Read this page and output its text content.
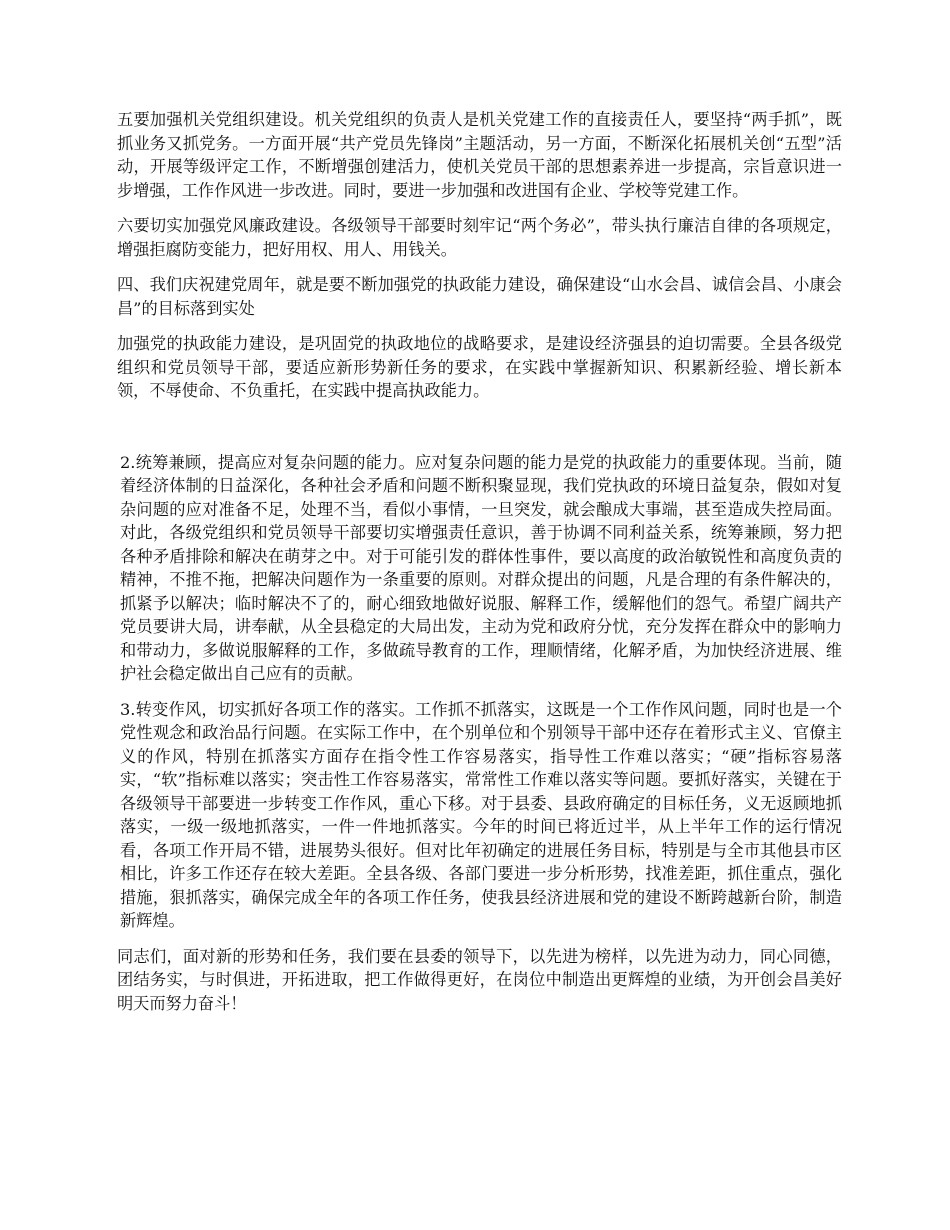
五要加强机关党组织建设。机关党组织的负责人是机关党建工作的直接责任人，要坚持“两手抓”，既抓业务又抓党务。一方面开展“共产党员先锋岗”主题活动，另一方面，不断深化拓展机关创“五型”活动，开展等级评定工作，不断增强创建活力，使机关党员干部的思想素养进一步提高，宗旨意识进一步增强，工作作风进一步改进。同时，要进一步加强和改进国有企业、学校等党建工作。

六要切实加强党风廉政建设。各级领导干部要时刻牢记“两个务必”，带头执行廉洁自律的各项规定，增强拒腐防变能力，把好用权、用人、用钱关。

四、我们庆祝建党周年，就是要不断加强党的执政能力建设，确保建设“山水会昌、诚信会昌、小康会昌”的目标落到实处

加强党的执政能力建设，是巩固党的执政地位的战略要求，是建设经济强县的迫切需要。全县各级党组织和党员领导干部，要适应新形势新任务的要求，在实践中掌握新知识、积累新经验、增长新本领，不辱使命、不负重托，在实践中提高执政能力。

2.统筹兼顾，提高应对复杂问题的能力。应对复杂问题的能力是党的执政能力的重要体现。当前，随着经济体制的日益深化，各种社会矛盾和问题不断积聚显现，我们党执政的环境日益复杂，假如对复杂问题的应对准备不足，处理不当，看似小事情，一旦突发，就会酿成大事端，甚至造成失控局面。对此，各级党组织和党员领导干部要切实增强责任意识，善于协调不同利益关系，统筹兼顾，努力把各种矛盾排除和解决在萌芽之中。对于可能引发的群体性事件，要以高度的政治敏锐性和高度负责的精神，不推不拖，把解决问题作为一条重要的原则。对群众提出的问题，凡是合理的有条件解决的，抓紧予以解决；临时解决不了的，耐心细致地做好说服、解释工作，缓解他们的怨气。希望广阔共产党员要讲大局，讲奉献，从全县稳定的大局出发，主动为党和政府分忧，充分发挥在群众中的影响力和带动力，多做说服解释的工作，多做疏导教育的工作，理顺情绪，化解矛盾，为加快经济进展、维护社会稳定做出自己应有的贡献。

3.转变作风，切实抓好各项工作的落实。工作抓不抓落实，这既是一个工作作风问题，同时也是一个党性观念和政治品行问题。在实际工作中，在个别单位和个别领导干部中还存在着形式主义、官僚主义的作风，特别在抓落实方面存在指令性工作容易落实，指导性工作难以落实；“硬”指标容易落实，“软”指标难以落实；突击性工作容易落实，常常性工作难以落实等问题。要抓好落实，关键在于各级领导干部要进一步转变工作作风，重心下移。对于县委、县政府确定的目标任务，义无返顾地抓落实，一级一级地抓落实，一件一件地抓落实。今年的时间已将近过半，从上半年工作的运行情况看，各项工作开局不错，进展势头很好。但对比年初确定的进展任务目标，特别是与全市其他县市区相比，许多工作还存在较大差距。全县各级、各部门要进一步分析形势，找准差距，抓住重点，强化措施，狠抓落实，确保完成全年的各项工作任务，使我县经济进展和党的建设不断跨越新台阶，制造新辉煌。

同志们，面对新的形势和任务，我们要在县委的领导下，以先进为榜样，以先进为动力，同心同德，团结务实，与时俱进，开拓进取，把工作做得更好，在岗位中制造出更辉煌的业绩，为开创会昌美好明天而努力奋斗！
